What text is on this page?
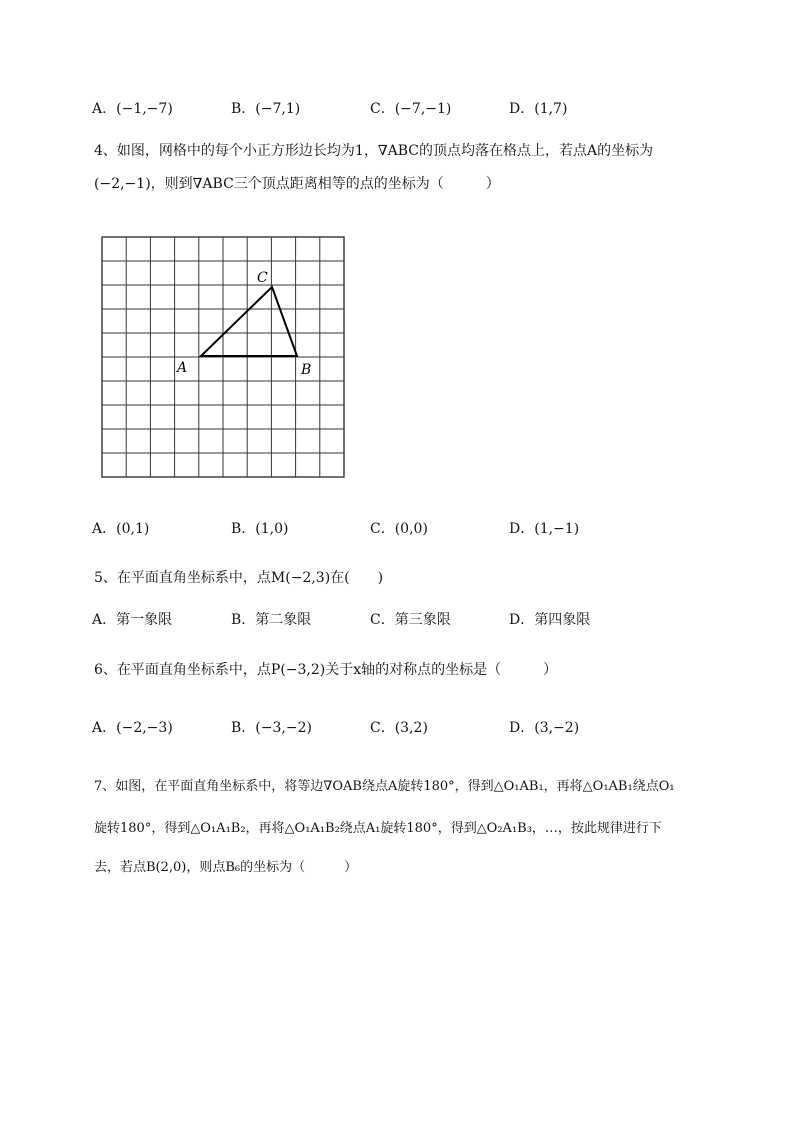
A．(−1,−7)	B．(−7,1)	C．(−7,−1)	D．(1,7)
4、如图，网格中的每个小正方形边长均为1，∇ABC的顶点均落在格点上，若点A的坐标为
(−2,−1)，则到∇ABC三个顶点距离相等的点的坐标为（　　　）
A	B
C
A．(0,1)	B．(1,0)	C．(0,0)	D．(1,−1)
5、在平面直角坐标系中，点M(−2,3)在(　　)
A．第一象限	B．第二象限	C．第三象限	D．第四象限
6、在平面直角坐标系中，点P(−3,2)关于x轴的对称点的坐标是（　　　）
A．(−2,−3)	B．(−3,−2)	C．(3,2)	D．(3,−2)
7、如图，在平面直角坐标系中，将等边∇OAB绕点A旋转180°，得到△O₁AB₁，再将△O₁AB₁绕点O₁
旋转180°，得到△O₁A₁B₂，再将△O₁A₁B₂绕点A₁旋转180°，得到△O₂A₁B₃，…，按此规律进行下
去，若点B(2,0)，则点B₆的坐标为（　　　）
